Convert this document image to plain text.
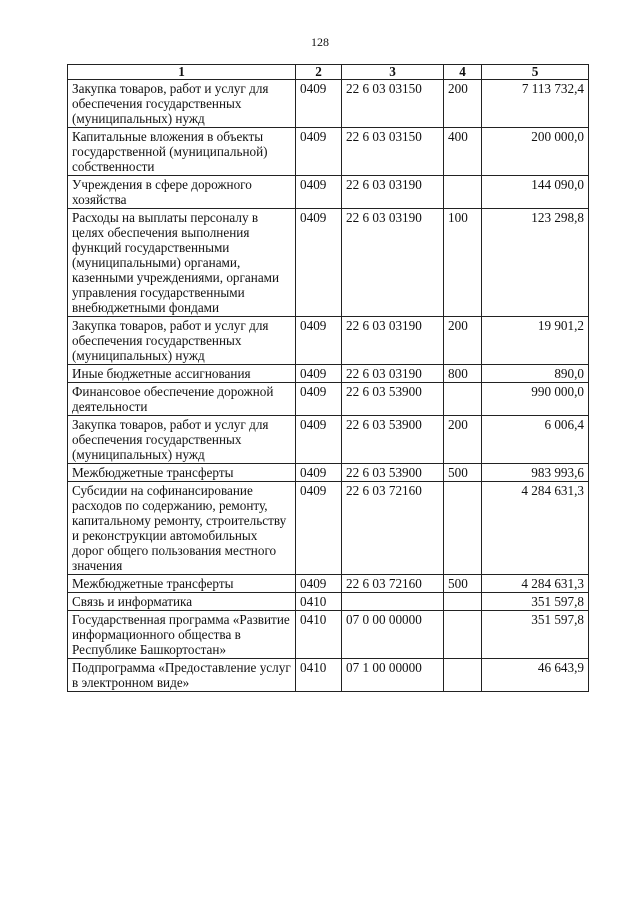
128
1	2	3	4	5
Закупка товаров, работ и услуг для обеспечения государственных (муниципальных) нужд	0409	22 6 03 03150	200	7 113 732,4
Капитальные вложения в объекты государственной (муниципальной) собственности	0409	22 6 03 03150	400	200 000,0
Учреждения в сфере дорожного хозяйства	0409	22 6 03 03190		144 090,0
Расходы на выплаты персоналу в целях обеспечения выполнения функций государственными (муниципальными) органами, казенными учреждениями, органами управления государственными внебюджетными фондами	0409	22 6 03 03190	100	123 298,8
Закупка товаров, работ и услуг для обеспечения государственных (муниципальных) нужд	0409	22 6 03 03190	200	19 901,2
Иные бюджетные ассигнования	0409	22 6 03 03190	800	890,0
Финансовое обеспечение дорожной деятельности	0409	22 6 03 53900		990 000,0
Закупка товаров, работ и услуг для обеспечения государственных (муниципальных) нужд	0409	22 6 03 53900	200	6 006,4
Межбюджетные трансферты	0409	22 6 03 53900	500	983 993,6
Субсидии на софинансирование расходов по содержанию, ремонту, капитальному ремонту, строительству и реконструкции автомобильных дорог общего пользования местного значения	0409	22 6 03 72160		4 284 631,3
Межбюджетные трансферты	0409	22 6 03 72160	500	4 284 631,3
Связь и информатика	0410			351 597,8
Государственная программа «Развитие информационного общества в Республике Башкортостан»	0410	07 0 00 00000		351 597,8
Подпрограмма «Предоставление услуг в электронном виде»	0410	07 1 00 00000		46 643,9
